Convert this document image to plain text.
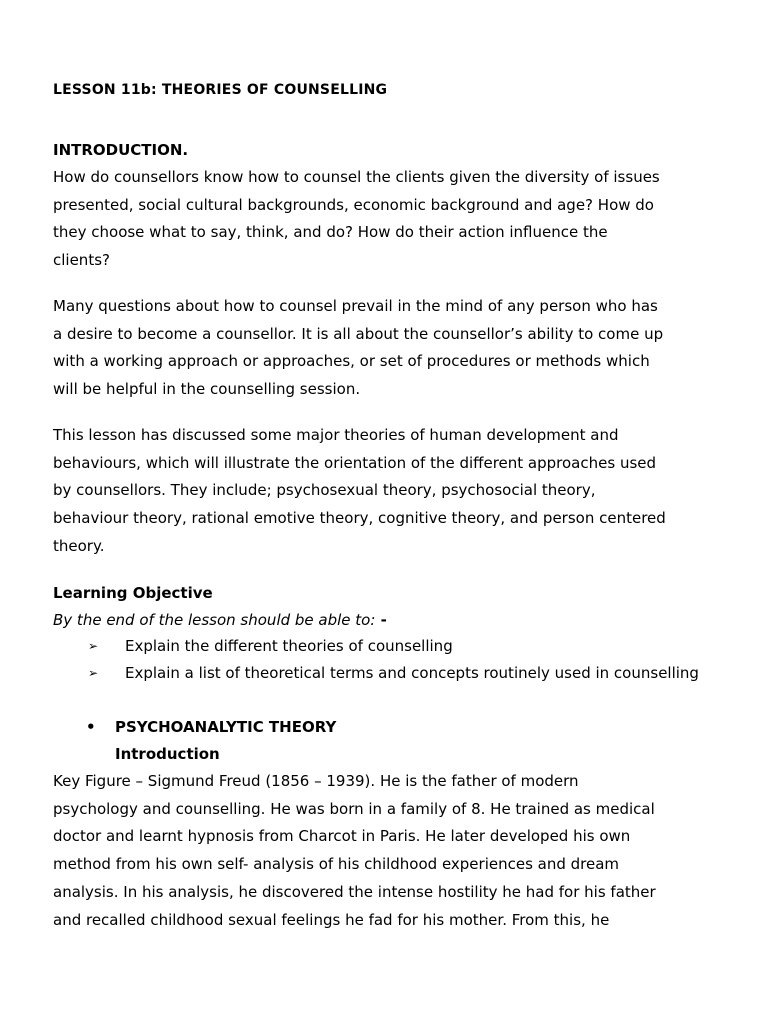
LESSON 11b: THEORIES OF COUNSELLING
INTRODUCTION.
How do counsellors know how to counsel the clients given the diversity of issues
presented, social cultural backgrounds, economic background and age? How do
they choose what to say, think, and do? How do their action influence the
clients?
Many questions about how to counsel prevail in the mind of any person who has
a desire to become a counsellor. It is all about the counsellor’s ability to come up
with a working approach or approaches, or set of procedures or methods which
will be helpful in the counselling session.
This lesson has discussed some major theories of human development and
behaviours, which will illustrate the orientation of the different approaches used
by counsellors. They include; psychosexual theory, psychosocial theory,
behaviour theory, rational emotive theory, cognitive theory, and person centered
theory.
Learning Objective
By the end of the lesson should be able to: -
➢	Explain the different theories of counselling
➢	Explain a list of theoretical terms and concepts routinely used in counselling
•	PSYCHOANALYTIC THEORY
Introduction
Key Figure – Sigmund Freud (1856 – 1939). He is the father of modern
psychology and counselling. He was born in a family of 8. He trained as medical
doctor and learnt hypnosis from Charcot in Paris. He later developed his own
method from his own self- analysis of his childhood experiences and dream
analysis. In his analysis, he discovered the intense hostility he had for his father
and recalled childhood sexual feelings he fad for his mother. From this, he
